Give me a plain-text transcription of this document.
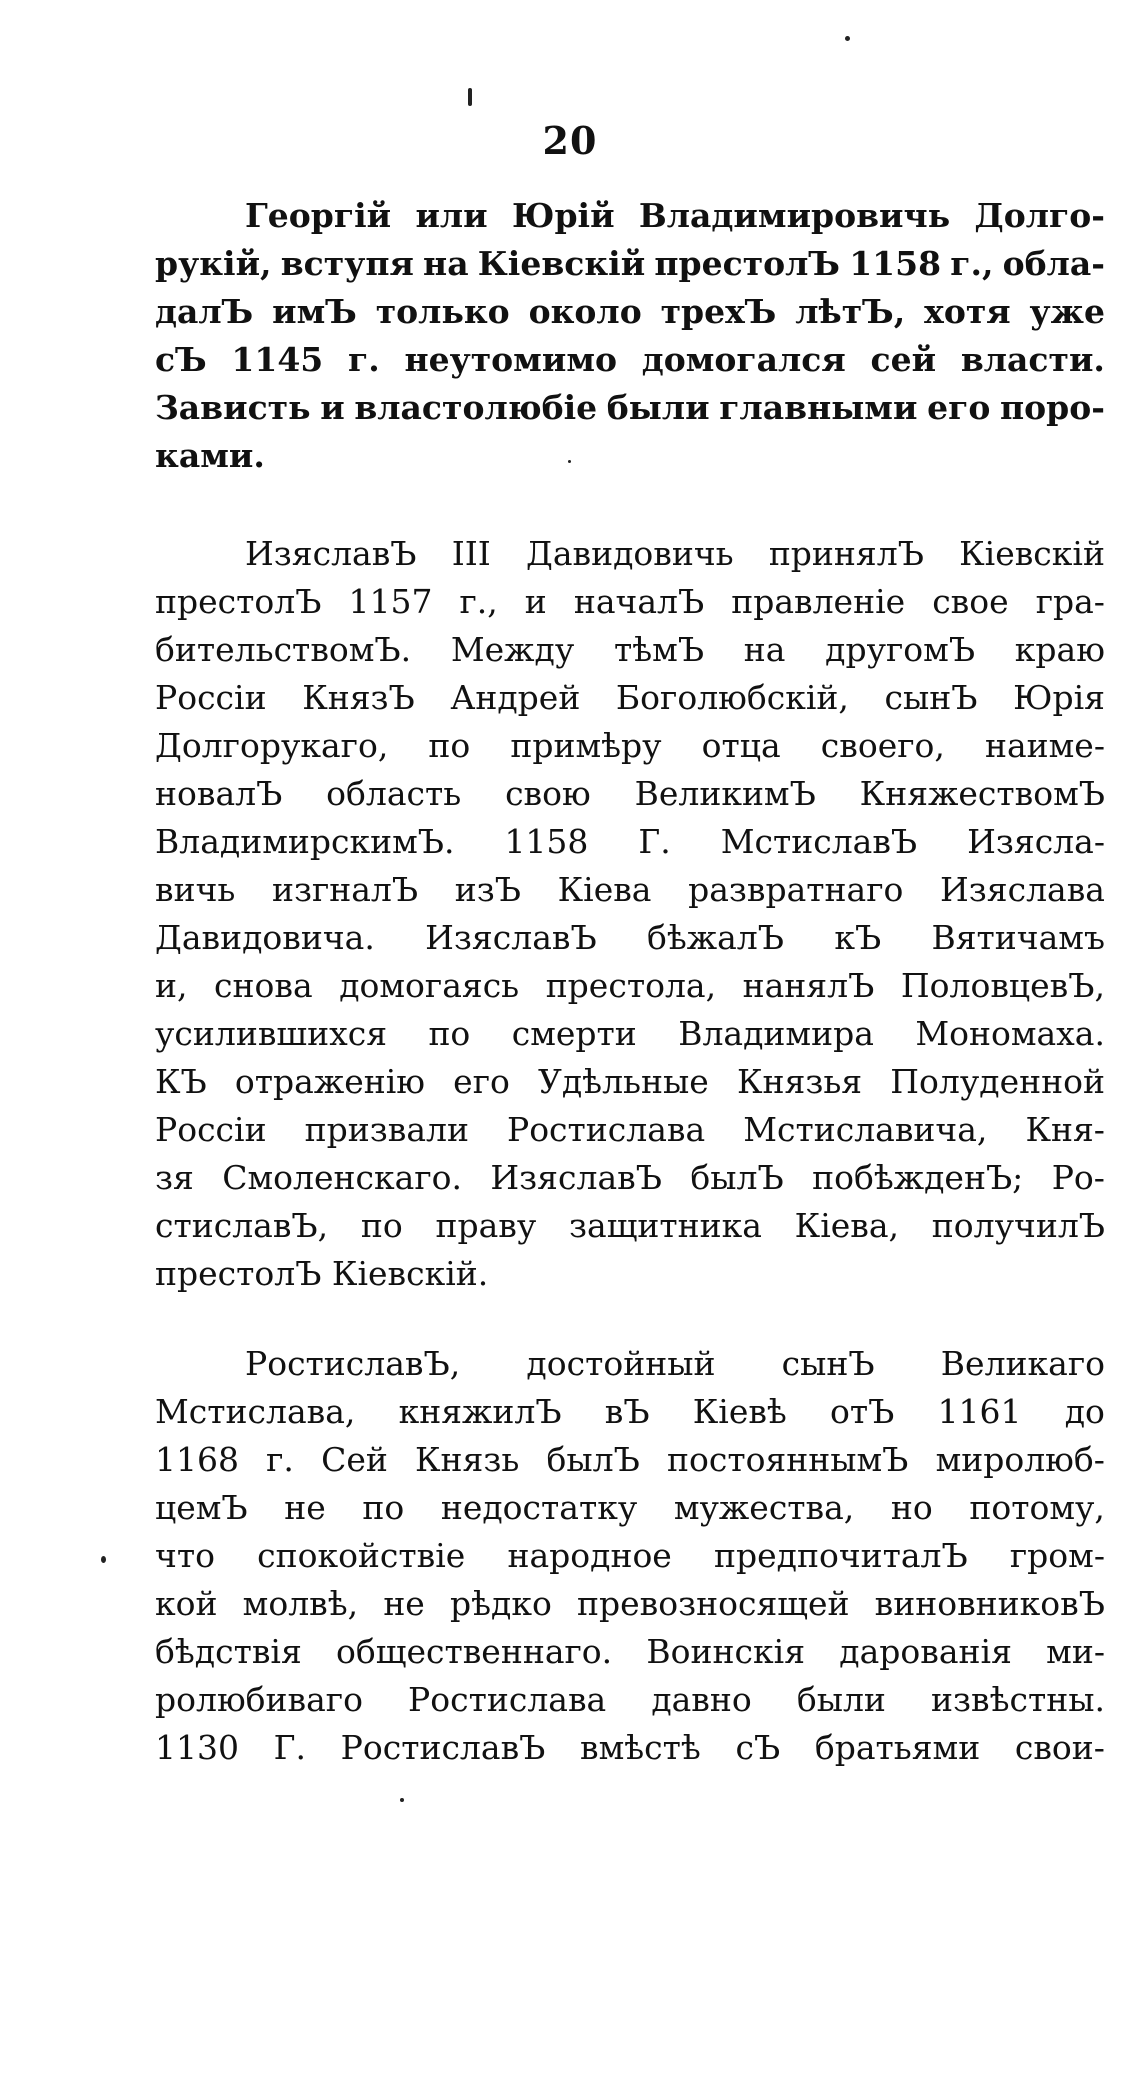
20
Георгій или Юрій Владимировичь Долго-
рукій, вступя на Кіевскій престолЪ 1158 г., обла-
далЪ имЪ только около трехЪ лѣтЪ, хотя уже
сЪ 1145 г. неутомимо домогался сей власти.
Зависть и властолюбіе были главными его поро-
ками.
ИзяславЪ III Давидовичь принялЪ Кіевскій
престолЪ 1157 г., и началЪ правленіе свое гра-
бительствомЪ. Между тѣмЪ на другомЪ краю
Россіи КнязЪ Андрей Боголюбскій, сынЪ Юрія
Долгорукаго, по примѣру отца своего, наиме-
новалЪ область свою ВеликимЪ КняжествомЪ
ВладимирскимЪ. 1158 Г. МстиславЪ Изясла-
вичь изгналЪ изЪ Кіева развратнаго Изяслава
Давидовича. ИзяславЪ бѣжалЪ кЪ Вятичамъ
и, снова домогаясь престола, нанялЪ ПоловцевЪ,
усилившихся по смерти Владимира Мономаха.
КЪ отраженію его Удѣльные Князья Полуденной
Россіи призвали Ростислава Мстиславича, Кня-
зя Смоленскаго. ИзяславЪ былЪ побѣжденЪ; Ро-
стиславЪ, по праву защитника Кіева, получилЪ
престолЪ Кіевскій.
РостиславЪ, достойный сынЪ Великаго
Мстислава, княжилЪ вЪ Кіевѣ отЪ 1161 до
1168 г. Сей Князь былЪ постояннымЪ миролюб-
цемЪ не по недостатку мужества, но потому,
что спокойствіе народное предпочиталЪ гром-
кой молвѣ, не рѣдко превозносящей виновниковЪ
бѣдствія общественнаго. Воинскія дарованія ми-
ролюбиваго Ростислава давно были извѣстны.
1130 Г. РостиславЪ вмѣстѣ сЪ братьями свои-
